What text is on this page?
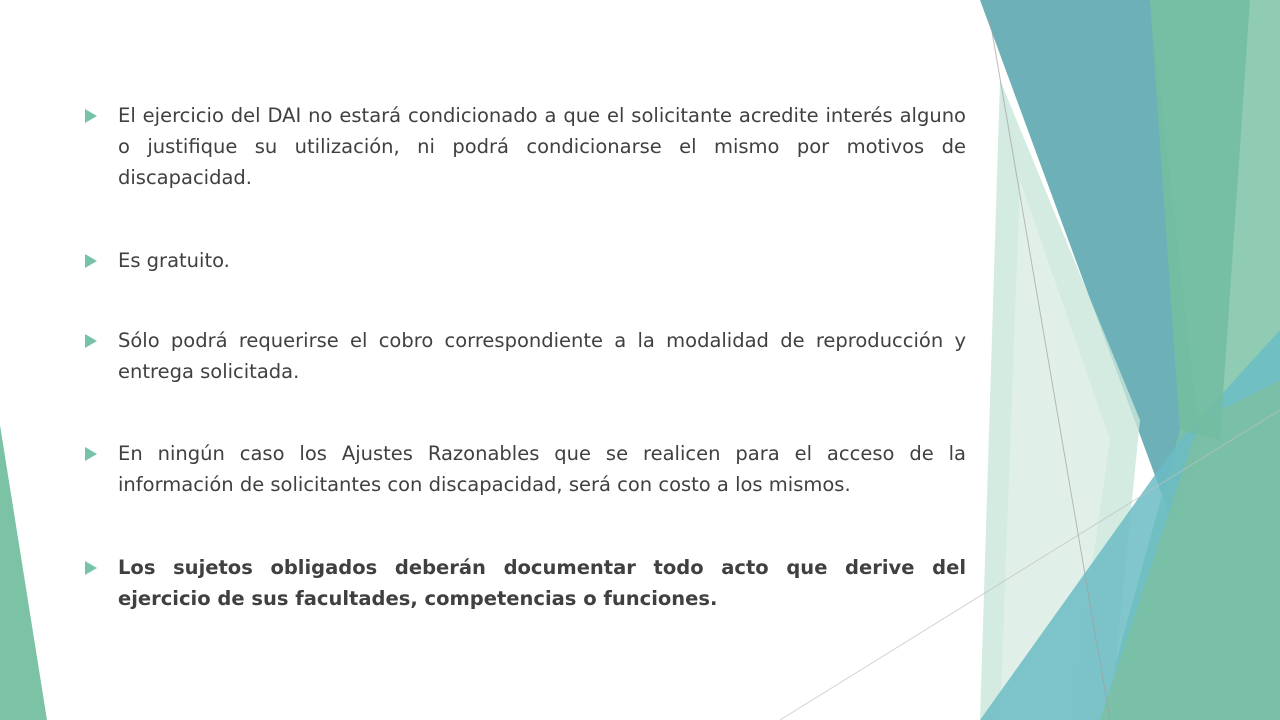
El ejercicio del DAI no estará condicionado a que el solicitante acredite interés alguno o justifique su utilización, ni podrá condicionarse el mismo por motivos de discapacidad.
Es gratuito.
Sólo podrá requerirse el cobro correspondiente a la modalidad de reproducción y entrega solicitada.
En ningún caso los Ajustes Razonables que se realicen para el acceso de la información de solicitantes con discapacidad, será con costo a los mismos.
Los sujetos obligados deberán documentar todo acto que derive del ejercicio de sus facultades, competencias o funciones.
